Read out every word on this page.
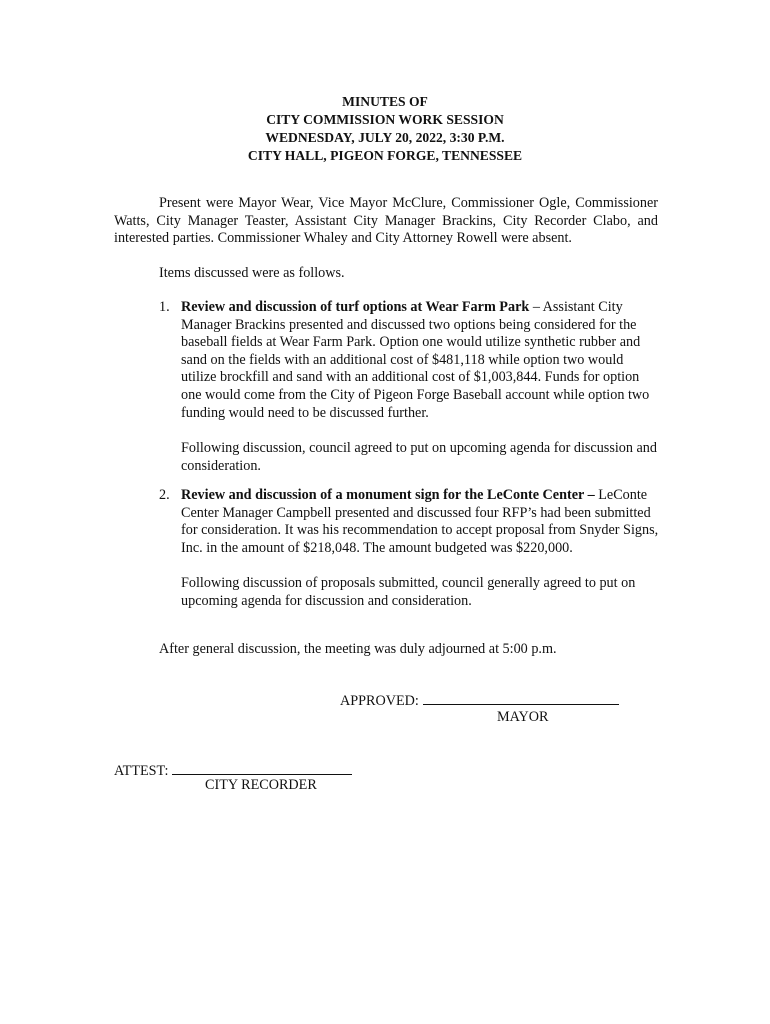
MINUTES OF
CITY COMMISSION WORK SESSION
WEDNESDAY, JULY 20, 2022, 3:30 P.M.
CITY HALL, PIGEON FORGE, TENNESSEE
Present were Mayor Wear, Vice Mayor McClure, Commissioner Ogle, Commissioner Watts, City Manager Teaster, Assistant City Manager Brackins, City Recorder Clabo, and interested parties. Commissioner Whaley and City Attorney Rowell were absent.
Items discussed were as follows.
1. Review and discussion of turf options at Wear Farm Park – Assistant City Manager Brackins presented and discussed two options being considered for the baseball fields at Wear Farm Park. Option one would utilize synthetic rubber and sand on the fields with an additional cost of $481,118 while option two would utilize brockfill and sand with an additional cost of $1,003,844. Funds for option one would come from the City of Pigeon Forge Baseball account while option two funding would need to be discussed further.

Following discussion, council agreed to put on upcoming agenda for discussion and consideration.

2. Review and discussion of a monument sign for the LeConte Center – LeConte Center Manager Campbell presented and discussed four RFP’s had been submitted for consideration. It was his recommendation to accept proposal from Snyder Signs, Inc. in the amount of $218,048. The amount budgeted was $220,000.

Following discussion of proposals submitted, council generally agreed to put on upcoming agenda for discussion and consideration.

After general discussion, the meeting was duly adjourned at 5:00 p.m.
APPROVED:
MAYOR
ATTEST:
CITY RECORDER
